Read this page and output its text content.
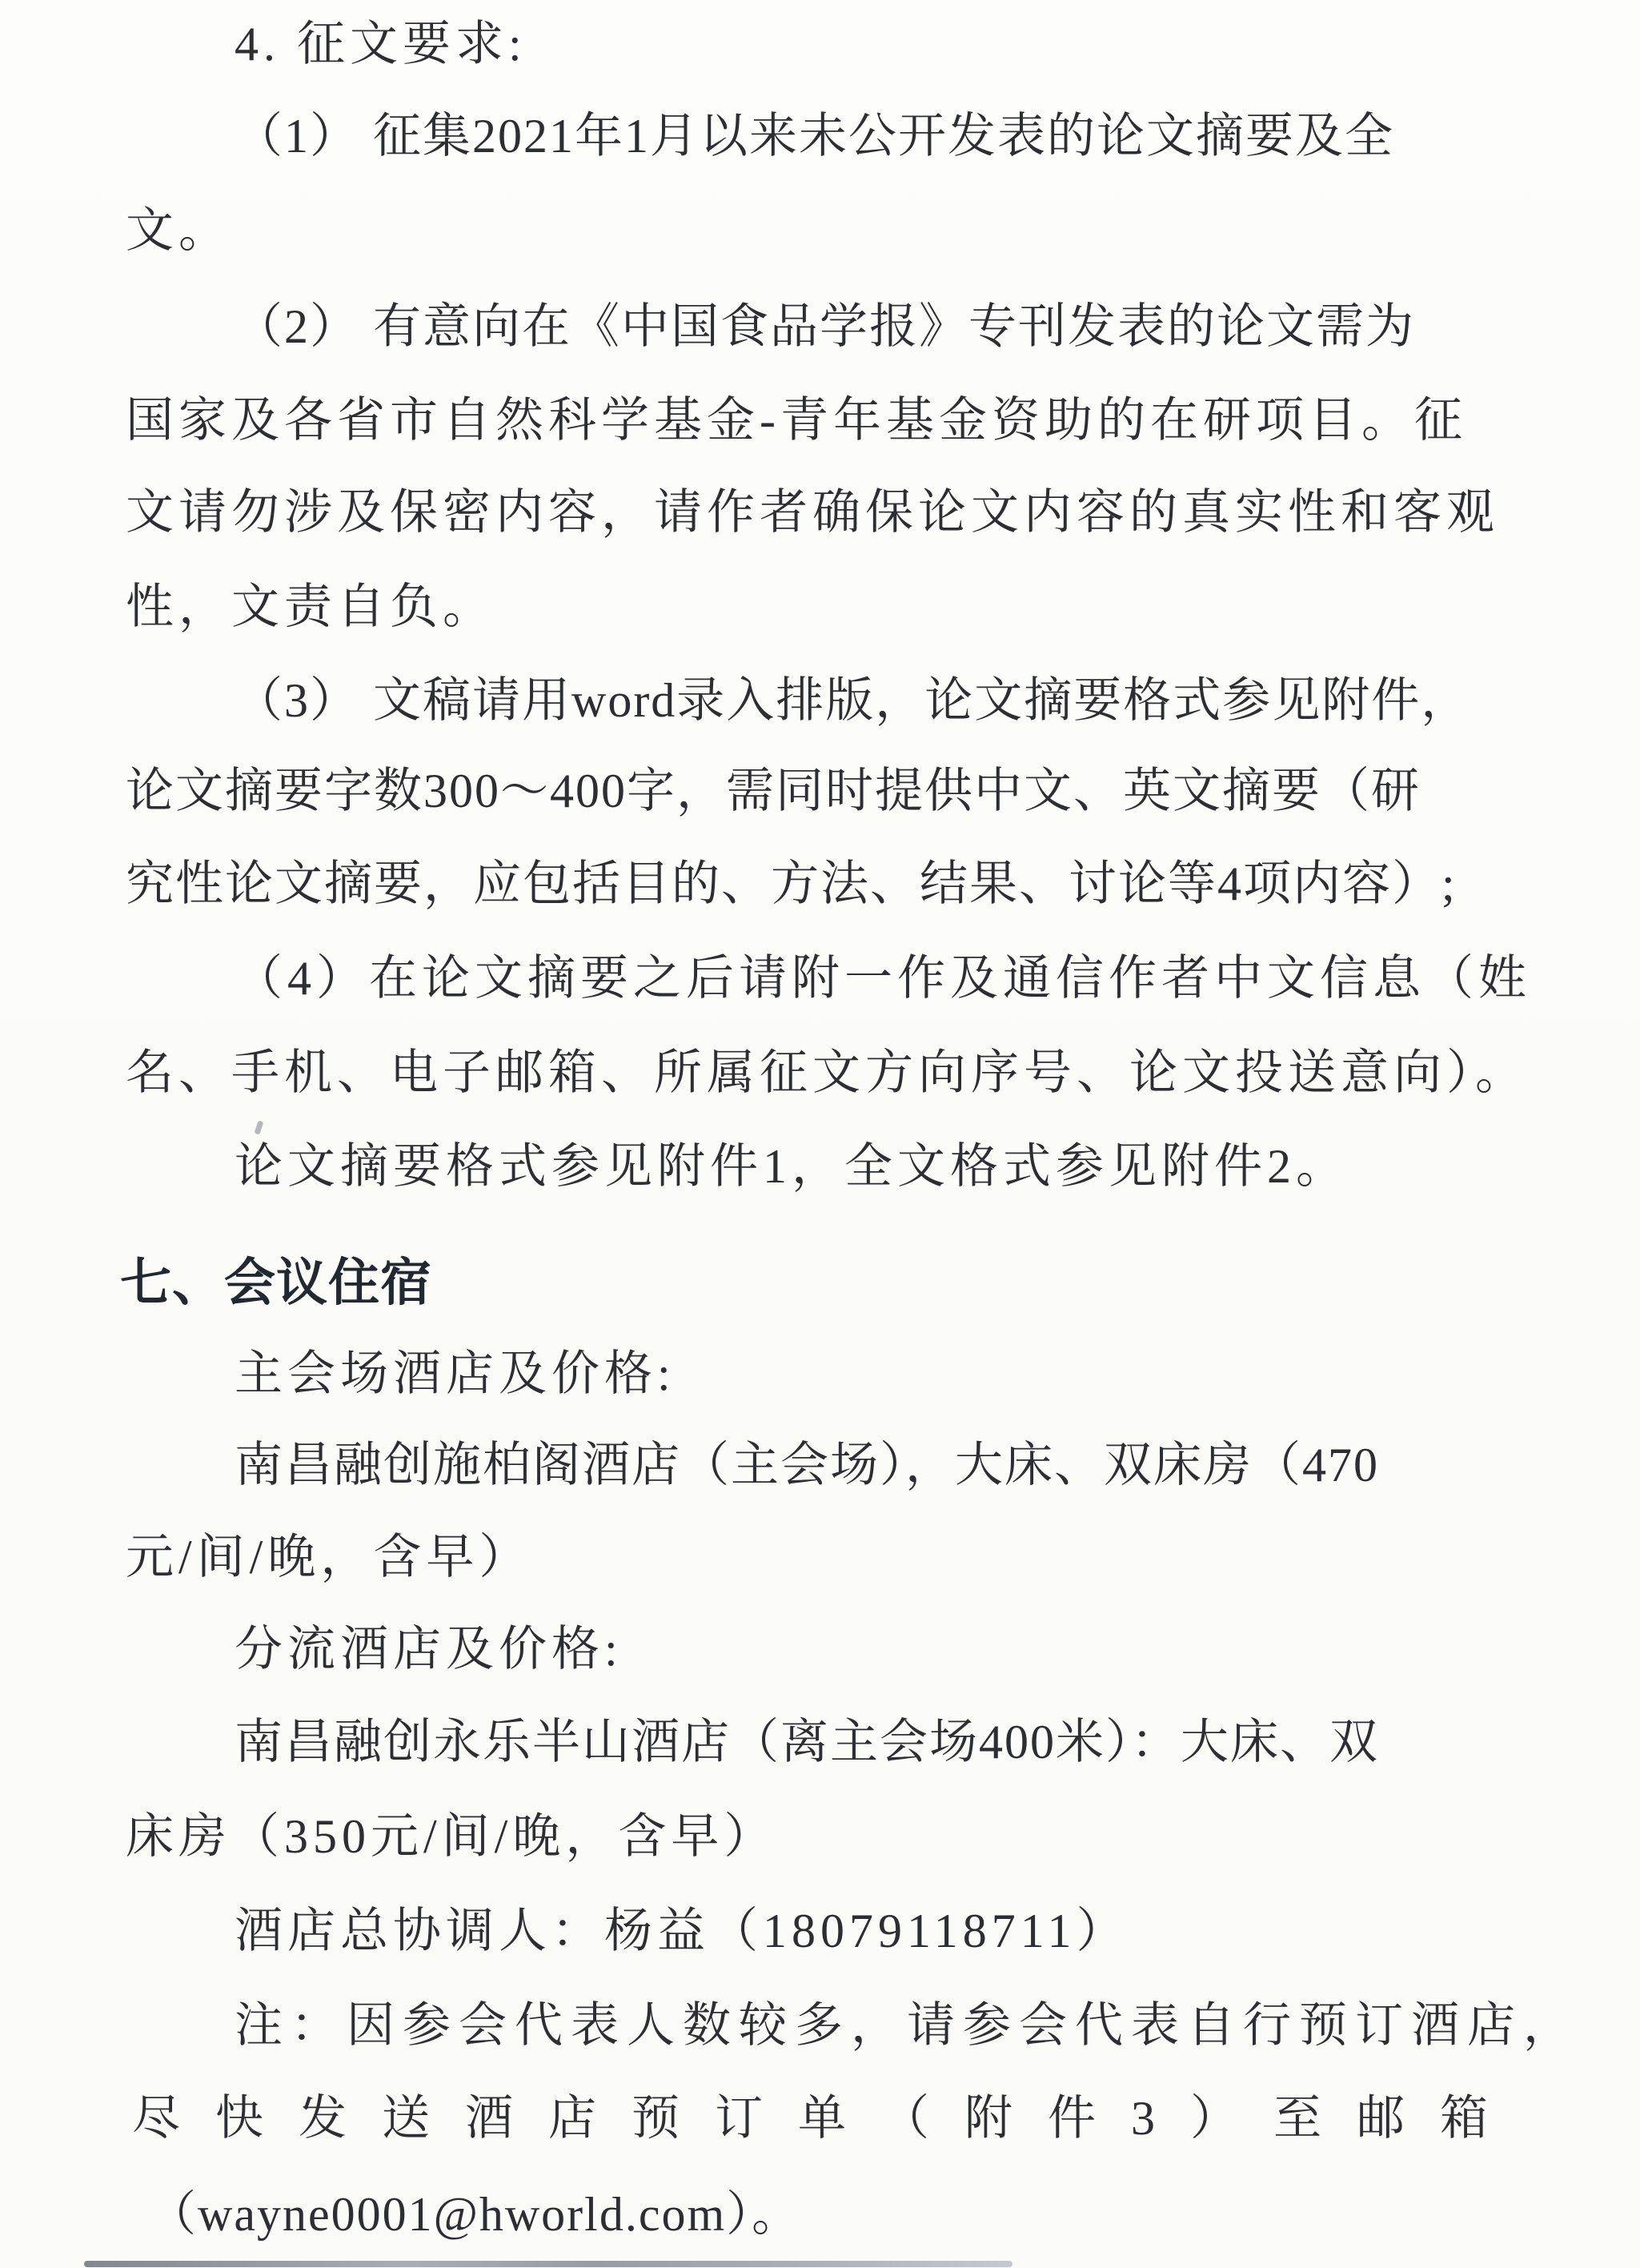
4. 征文要求:
（1） 征集2021年1月以来未公开发表的论文摘要及全
文。
（2） 有意向在《中国食品学报》专刊发表的论文需为
国家及各省市自然科学基金-青年基金资助的在研项目。征
文请勿涉及保密内容，请作者确保论文内容的真实性和客观
性，文责自负。
（3） 文稿请用word录入排版，论文摘要格式参见附件，
论文摘要字数300～400字，需同时提供中文、英文摘要（研
究性论文摘要，应包括目的、方法、结果、讨论等4项内容）;
（4）在论文摘要之后请附一作及通信作者中文信息（姓
名、手机、电子邮箱、所属征文方向序号、论文投送意向）。
论文摘要格式参见附件1，全文格式参见附件2。
七、会议住宿
主会场酒店及价格:
南昌融创施柏阁酒店（主会场），大床、双床房（470
元/间/晚，含早）
分流酒店及价格:
南昌融创永乐半山酒店（离主会场400米）：大床、双
床房（350元/间/晚，含早）
酒店总协调人：杨益（18079118711）
注：因参会代表人数较多，请参会代表自行预订酒店，
尽快发送酒店预订单（附件3）至邮箱
（wayne0001@hworld.com）。
